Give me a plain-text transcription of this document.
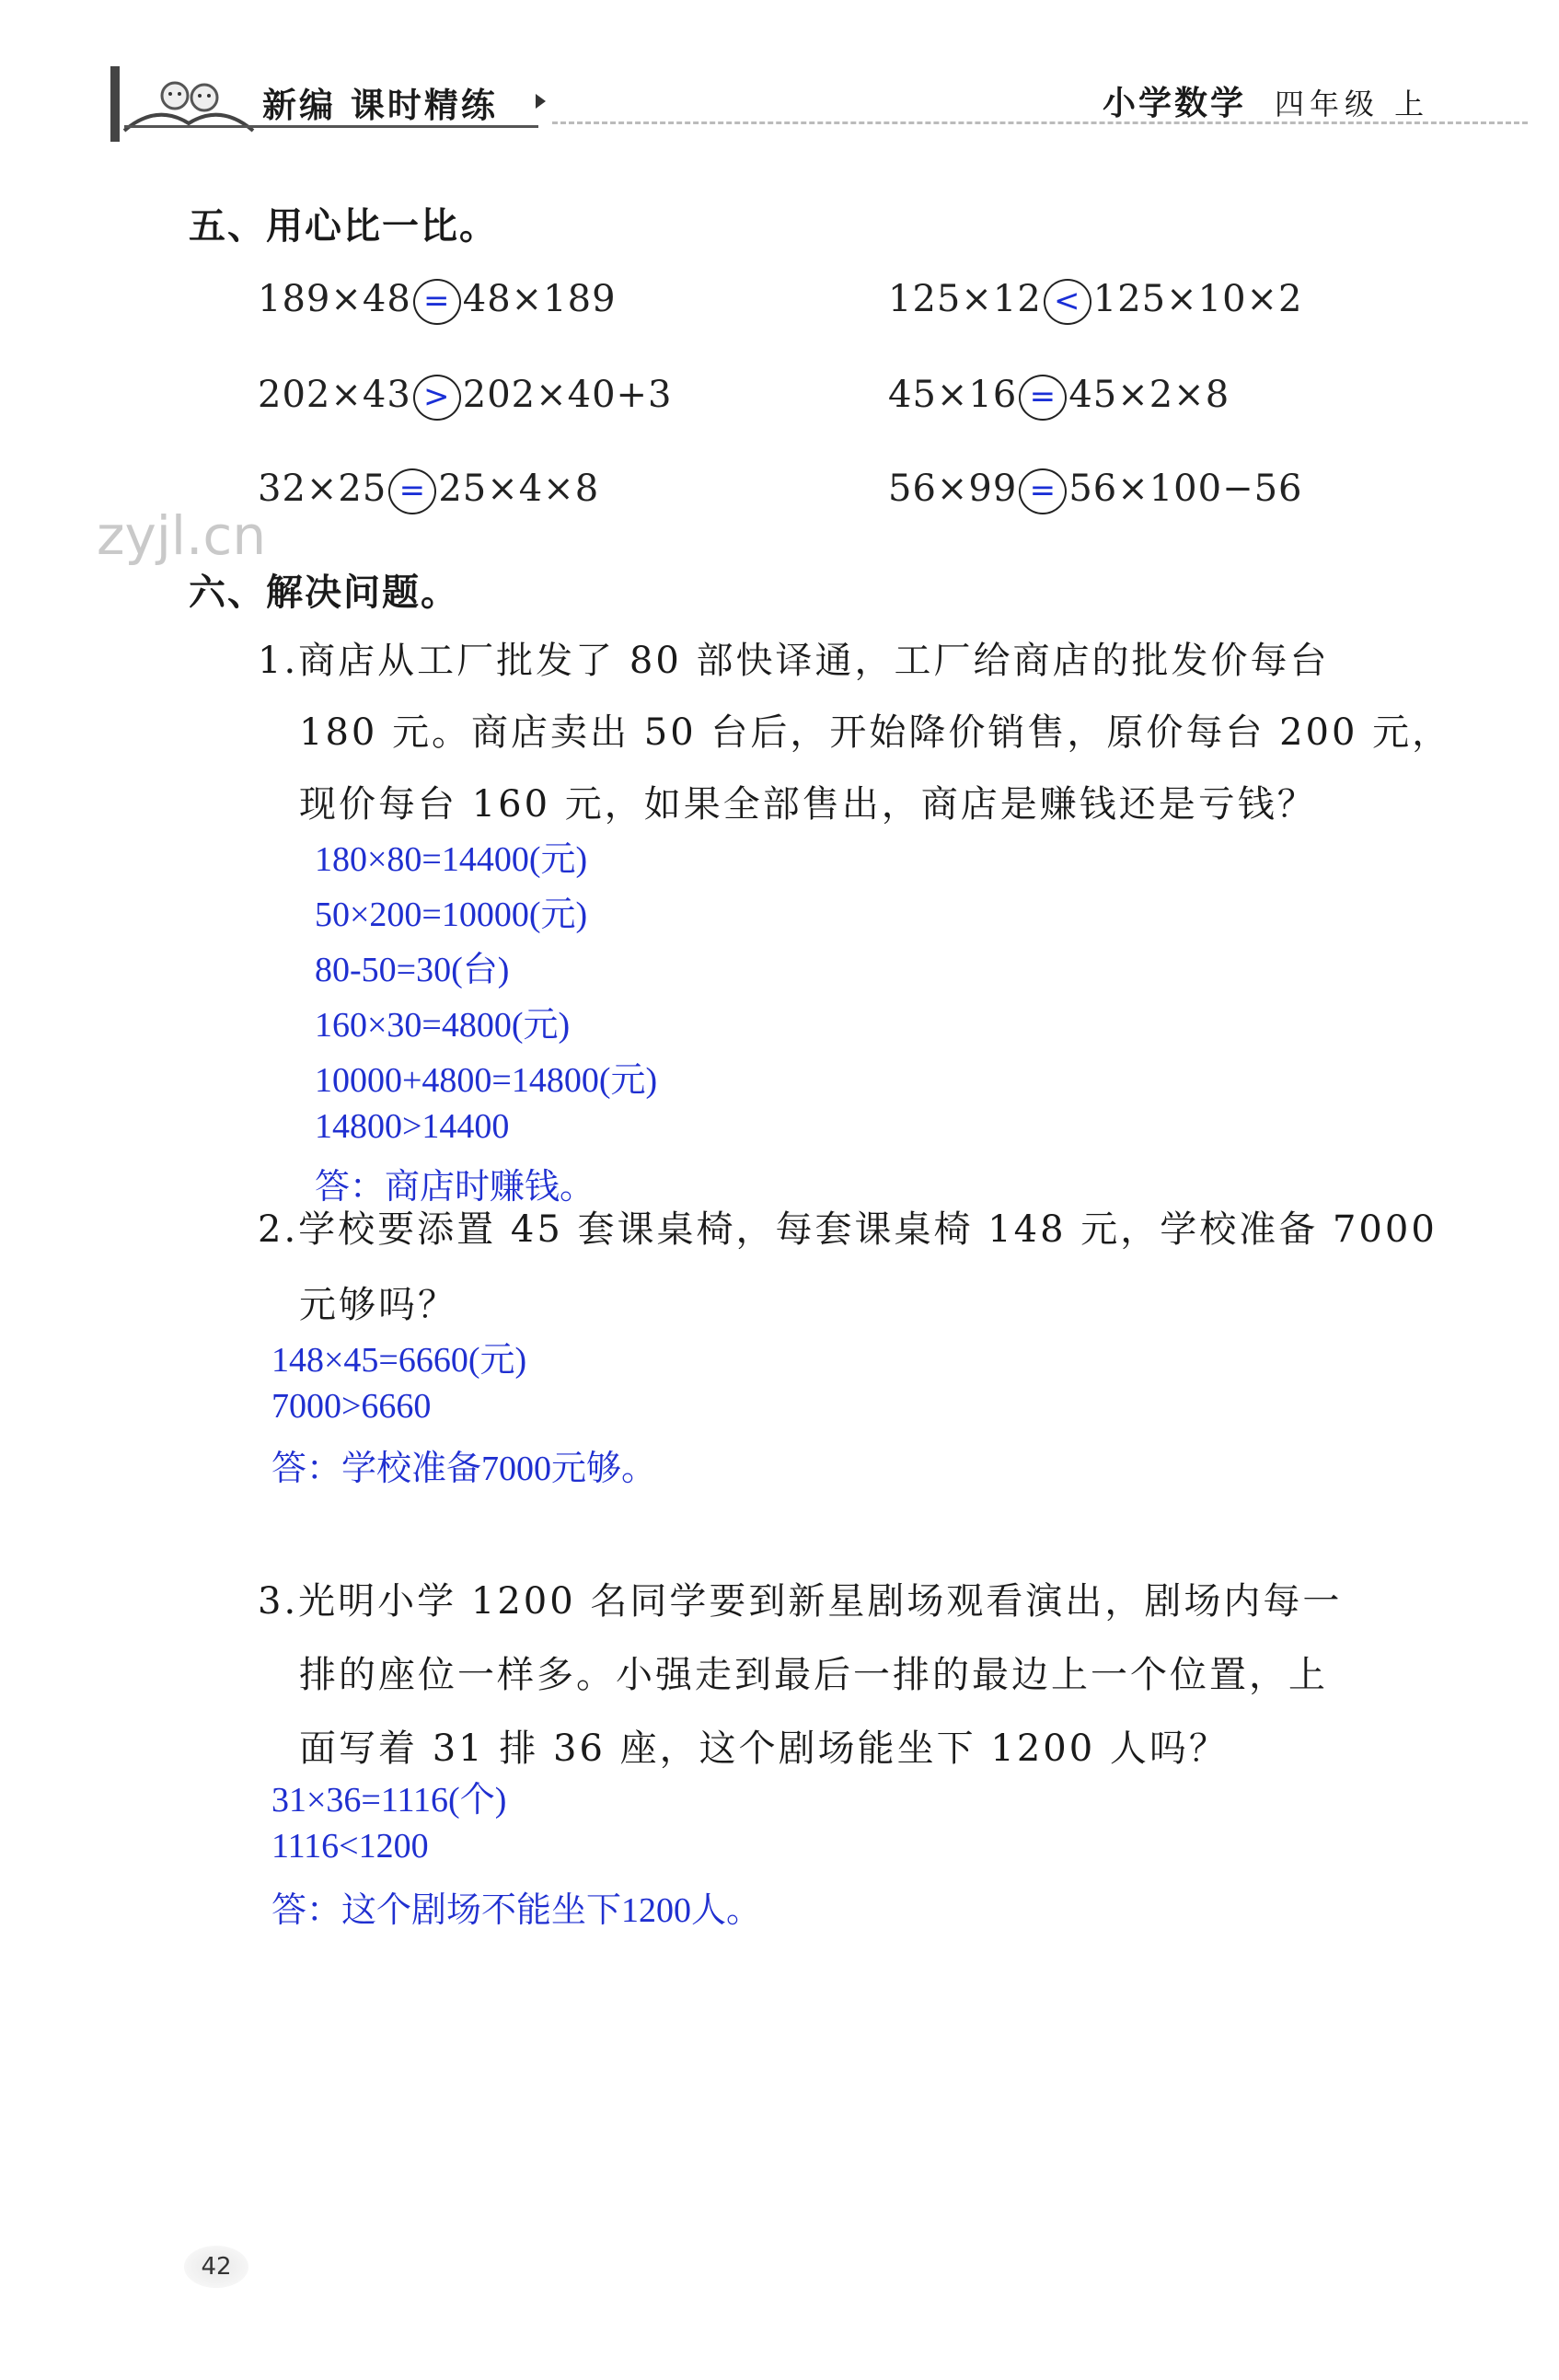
新编 课时精练	小学数学 四年级 上
五、用心比一比。
189×48 = 48×189	125×12 < 125×10×2
202×43 > 202×40+3	45×16 = 45×2×8
32×25 = 25×4×8	56×99 = 56×100−56
zyjl.cn
六、解决问题。
1.商店从工厂批发了 80 部快译通，工厂给商店的批发价每台
180 元。商店卖出 50 台后，开始降价销售，原价每台 200 元，
现价每台 160 元，如果全部售出，商店是赚钱还是亏钱？
180×80=14400(元)
50×200=10000(元)
80-50=30(台)
160×30=4800(元)
10000+4800=14800(元)
14800>14400
答：商店时赚钱。
2.学校要添置 45 套课桌椅，每套课桌椅 148 元，学校准备 7000
元够吗？
148×45=6660(元)
7000>6660
答：学校准备7000元够。
3.光明小学 1200 名同学要到新星剧场观看演出，剧场内每一
排的座位一样多。小强走到最后一排的最边上一个位置，上
面写着 31 排 36 座，这个剧场能坐下 1200 人吗？
31×36=1116(个)
1116<1200
答：这个剧场不能坐下1200人。
42
